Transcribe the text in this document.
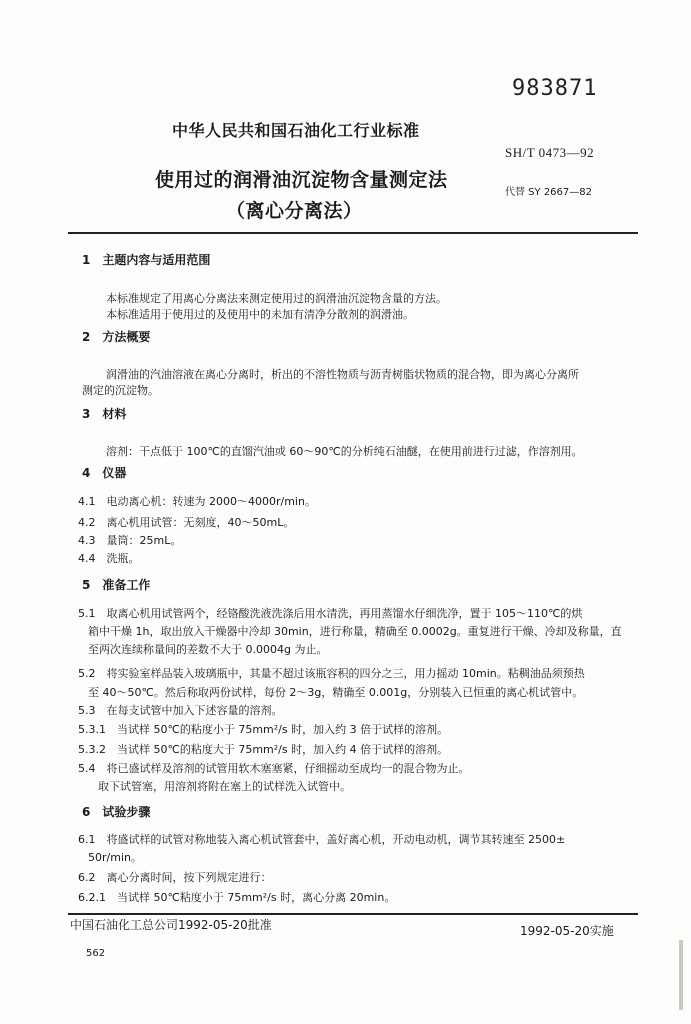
983871
中华人民共和国石油化工行业标准
SH/T 0473—92
使用过的润滑油沉淀物含量测定法
代替 SY 2667—82
（离心分离法）
1　主题内容与适用范围
本标准规定了用离心分离法来测定使用过的润滑油沉淀物含量的方法。
本标准适用于使用过的及使用中的未加有清净分散剂的润滑油。
2　方法概要
润滑油的汽油溶液在离心分离时，析出的不溶性物质与沥青树脂状物质的混合物，即为离心分离所
测定的沉淀物。
3　材料
溶剂：干点低于 100℃的直馏汽油或 60～90℃的分析纯石油醚，在使用前进行过滤，作溶剂用。
4　仪器
4.1　电动离心机：转速为 2000～4000r/min。
4.2　离心机用试管：无刻度，40～50mL。
4.3　量筒：25mL。
4.4　洗瓶。
5　准备工作
5.1　取离心机用试管两个，经铬酸洗液洗涤后用水清洗，再用蒸馏水仔细洗净，置于 105～110℃的烘
箱中干燥 1h，取出放入干燥器中冷却 30min，进行称量，精确至 0.0002g。重复进行干燥、冷却及称量，直
至两次连续称量间的差数不大于 0.0004g 为止。
5.2　将实验室样品装入玻璃瓶中，其量不超过该瓶容积的四分之三，用力摇动 10min。粘稠油品须预热
至 40～50℃。然后称取两份试样，每份 2～3g，精确至 0.001g，分别装入已恒重的离心机试管中。
5.3　在每支试管中加入下述容量的溶剂。
5.3.1　当试样 50℃的粘度小于 75mm²/s 时，加入约 3 倍于试样的溶剂。
5.3.2　当试样 50℃的粘度大于 75mm²/s 时，加入约 4 倍于试样的溶剂。
5.4　将已盛试样及溶剂的试管用软木塞塞紧，仔细摇动至成均一的混合物为止。
取下试管塞，用溶剂将附在塞上的试样洗入试管中。
6　试验步骤
6.1　将盛试样的试管对称地装入离心机试管套中，盖好离心机，开动电动机，调节其转速至 2500±
50r/min。
6.2　离心分离时间，按下列规定进行：
6.2.1　当试样 50℃粘度小于 75mm²/s 时，离心分离 20min。
中国石油化工总公司1992-05-20批准	1992-05-20实施
562
